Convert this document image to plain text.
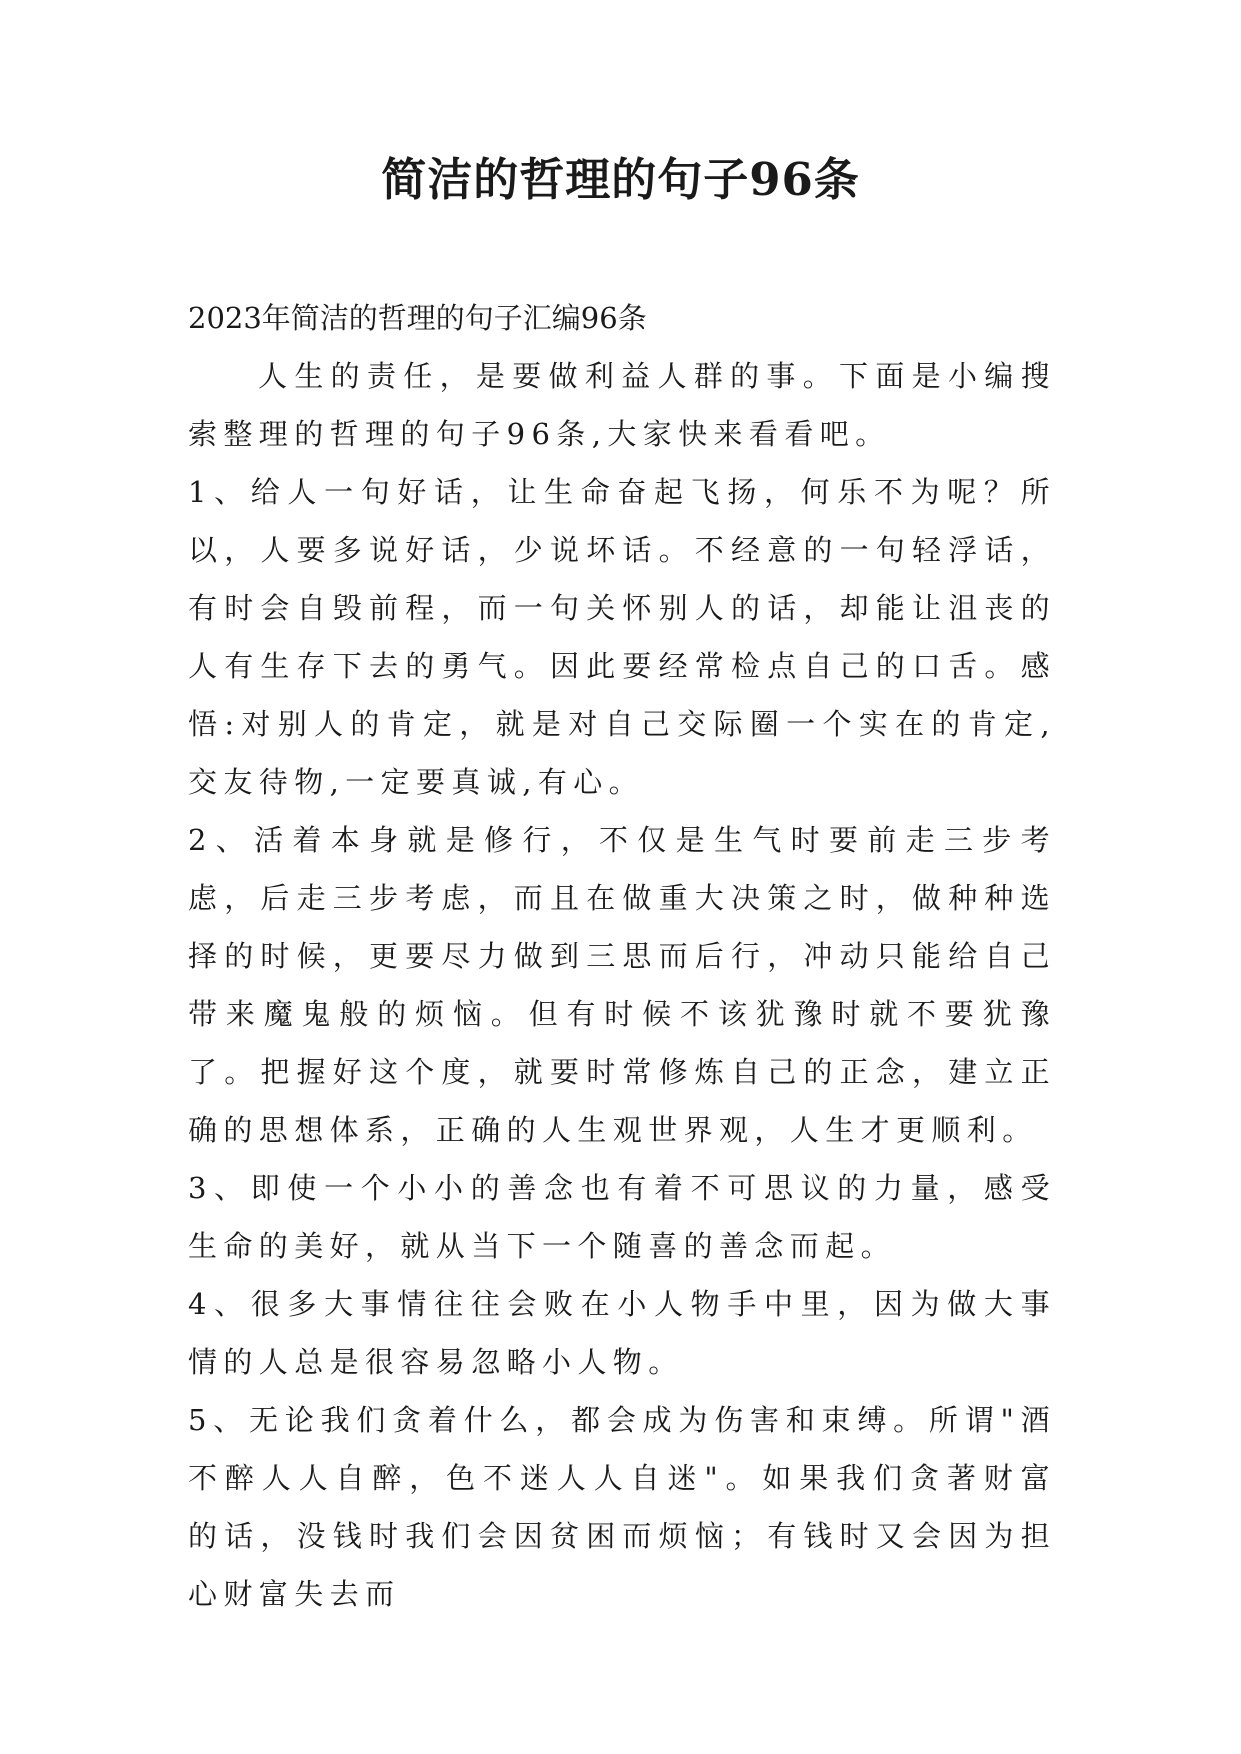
简洁的哲理的句子96条

2023年简洁的哲理的句子汇编96条

人生的责任，是要做利益人群的事。下面是小编搜索整理的哲理的句子96条,大家快来看看吧。

1、给人一句好话，让生命奋起飞扬，何乐不为呢？所以，人要多说好话，少说坏话。不经意的一句轻浮话，有时会自毁前程，而一句关怀别人的话，却能让沮丧的人有生存下去的勇气。因此要经常检点自己的口舌。感悟:对别人的肯定，就是对自己交际圈一个实在的肯定,交友待物,一定要真诚,有心。

2、活着本身就是修行，不仅是生气时要前走三步考虑，后走三步考虑，而且在做重大决策之时，做种种选择的时候，更要尽力做到三思而后行，冲动只能给自己带来魔鬼般的烦恼。但有时候不该犹豫时就不要犹豫了。把握好这个度，就要时常修炼自己的正念，建立正确的思想体系，正确的人生观世界观，人生才更顺利。

3、即使一个小小的善念也有着不可思议的力量，感受生命的美好，就从当下一个随喜的善念而起。

4、很多大事情往往会败在小人物手中里，因为做大事情的人总是很容易忽略小人物。

5、无论我们贪着什么，都会成为伤害和束缚。所谓"酒不醉人人自醉，色不迷人人自迷"。如果我们贪著财富的话，没钱时我们会因贫困而烦恼；有钱时又会因为担心财富失去而
